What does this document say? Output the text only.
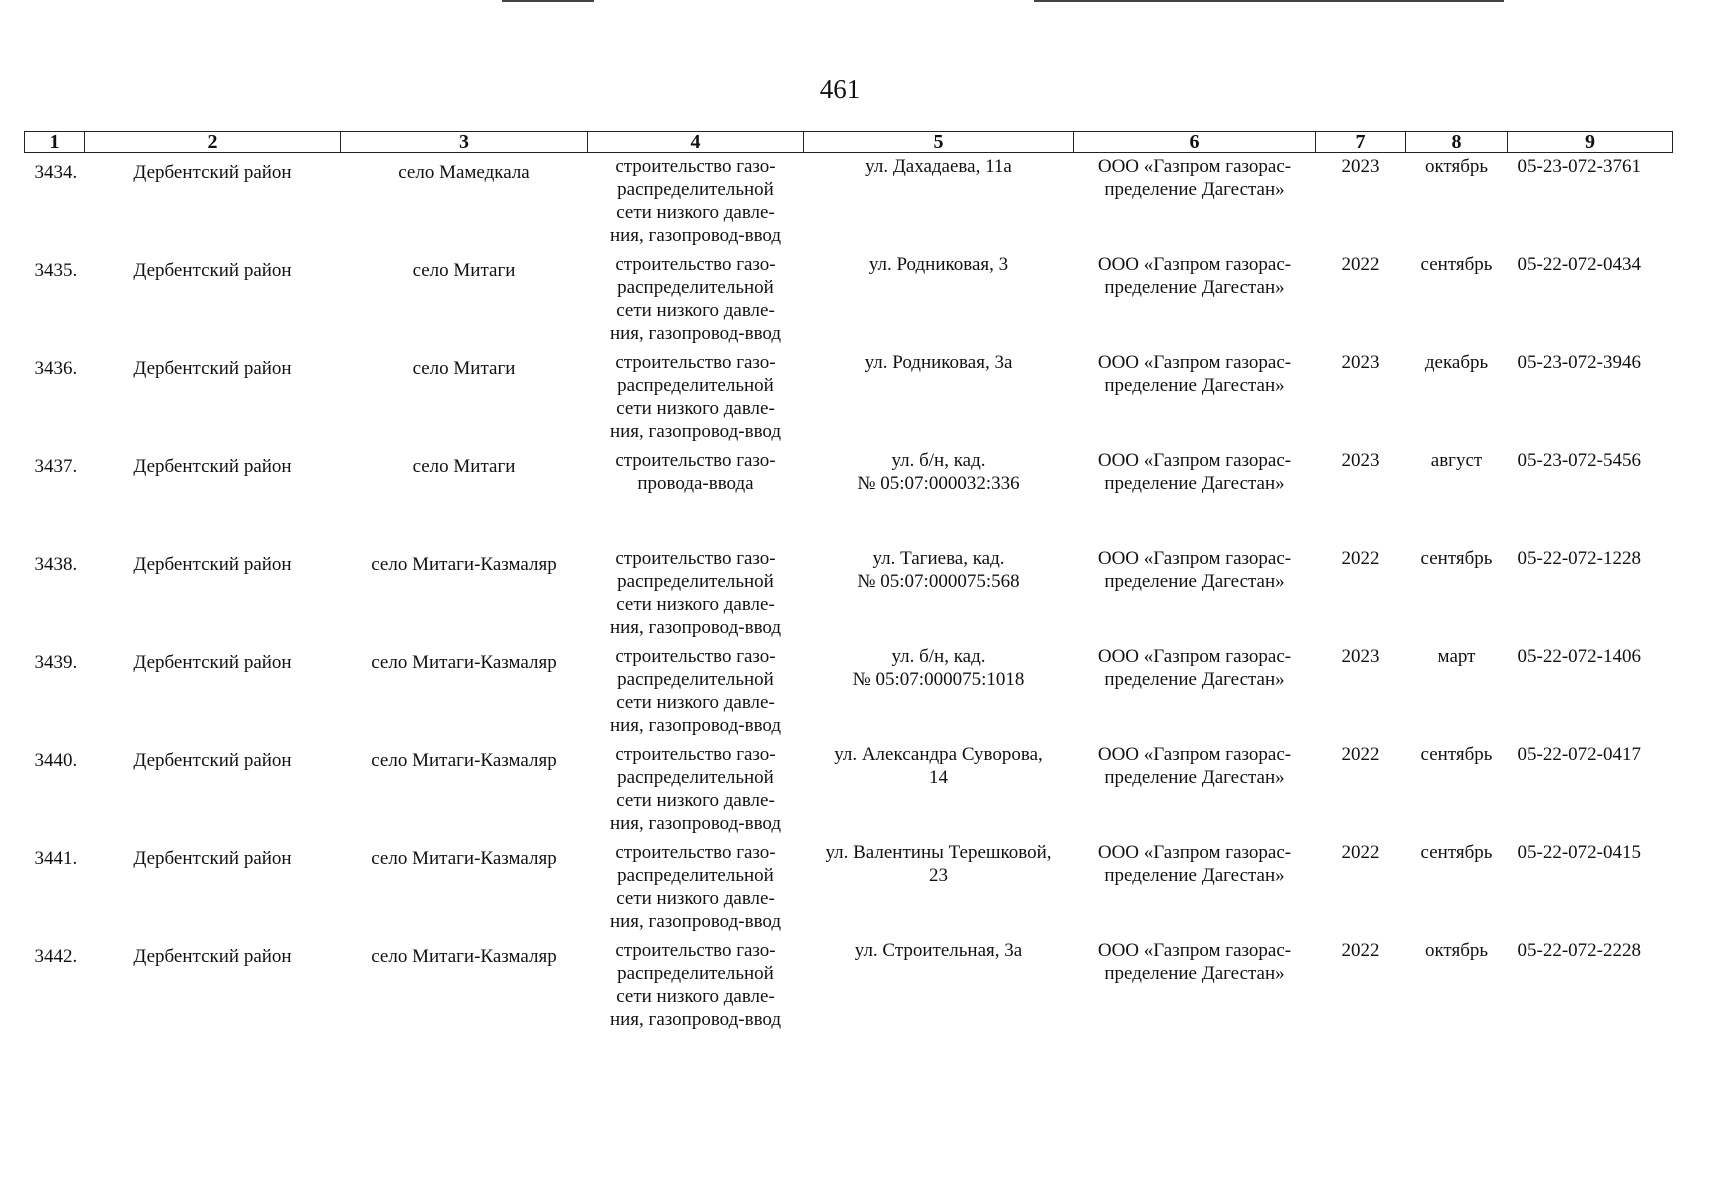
461
1	2	3	4	5	6	7	8	9
3434.	Дербентский район	село Мамедкала	строительство газо-
распределительной
сети низкого давле-
ния, газопровод-ввод	ул. Дахадаева, 11а	ООО «Газпром газорас-
пределение Дагестан»	2023	октябрь	05-23-072-3761
3435.	Дербентский район	село Митаги	строительство газо-
распределительной
сети низкого давле-
ния, газопровод-ввод	ул. Родниковая, 3	ООО «Газпром газорас-
пределение Дагестан»	2022	сентябрь	05-22-072-0434
3436.	Дербентский район	село Митаги	строительство газо-
распределительной
сети низкого давле-
ния, газопровод-ввод	ул. Родниковая, 3а	ООО «Газпром газорас-
пределение Дагестан»	2023	декабрь	05-23-072-3946
3437.	Дербентский район	село Митаги	строительство газо-
провода-ввода	ул. б/н, кад.
№ 05:07:000032:336	ООО «Газпром газорас-
пределение Дагестан»	2023	август	05-23-072-5456
3438.	Дербентский район	село Митаги-Казмаляр	строительство газо-
распределительной
сети низкого давле-
ния, газопровод-ввод	ул. Тагиева, кад.
№ 05:07:000075:568	ООО «Газпром газорас-
пределение Дагестан»	2022	сентябрь	05-22-072-1228
3439.	Дербентский район	село Митаги-Казмаляр	строительство газо-
распределительной
сети низкого давле-
ния, газопровод-ввод	ул. б/н, кад.
№ 05:07:000075:1018	ООО «Газпром газорас-
пределение Дагестан»	2023	март	05-22-072-1406
3440.	Дербентский район	село Митаги-Казмаляр	строительство газо-
распределительной
сети низкого давле-
ния, газопровод-ввод	ул. Александра Суворова,
14	ООО «Газпром газорас-
пределение Дагестан»	2022	сентябрь	05-22-072-0417
3441.	Дербентский район	село Митаги-Казмаляр	строительство газо-
распределительной
сети низкого давле-
ния, газопровод-ввод	ул. Валентины Терешковой,
23	ООО «Газпром газорас-
пределение Дагестан»	2022	сентябрь	05-22-072-0415
3442.	Дербентский район	село Митаги-Казмаляр	строительство газо-
распределительной
сети низкого давле-
ния, газопровод-ввод	ул. Строительная, 3а	ООО «Газпром газорас-
пределение Дагестан»	2022	октябрь	05-22-072-2228
